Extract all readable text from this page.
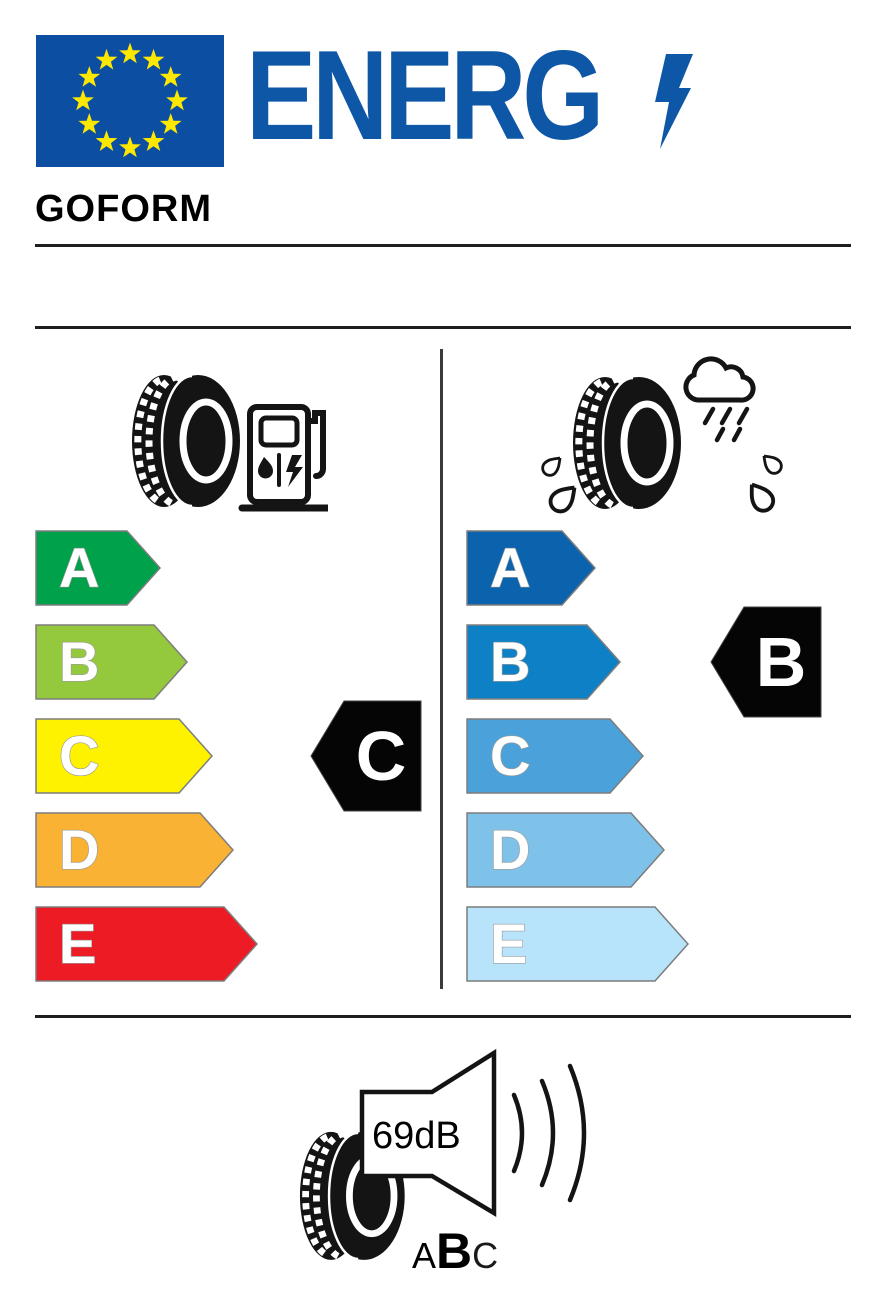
ENERG
GOFORM
A
B
C
D
E
A
B
C
D
E
C
B
69dB
A B C
